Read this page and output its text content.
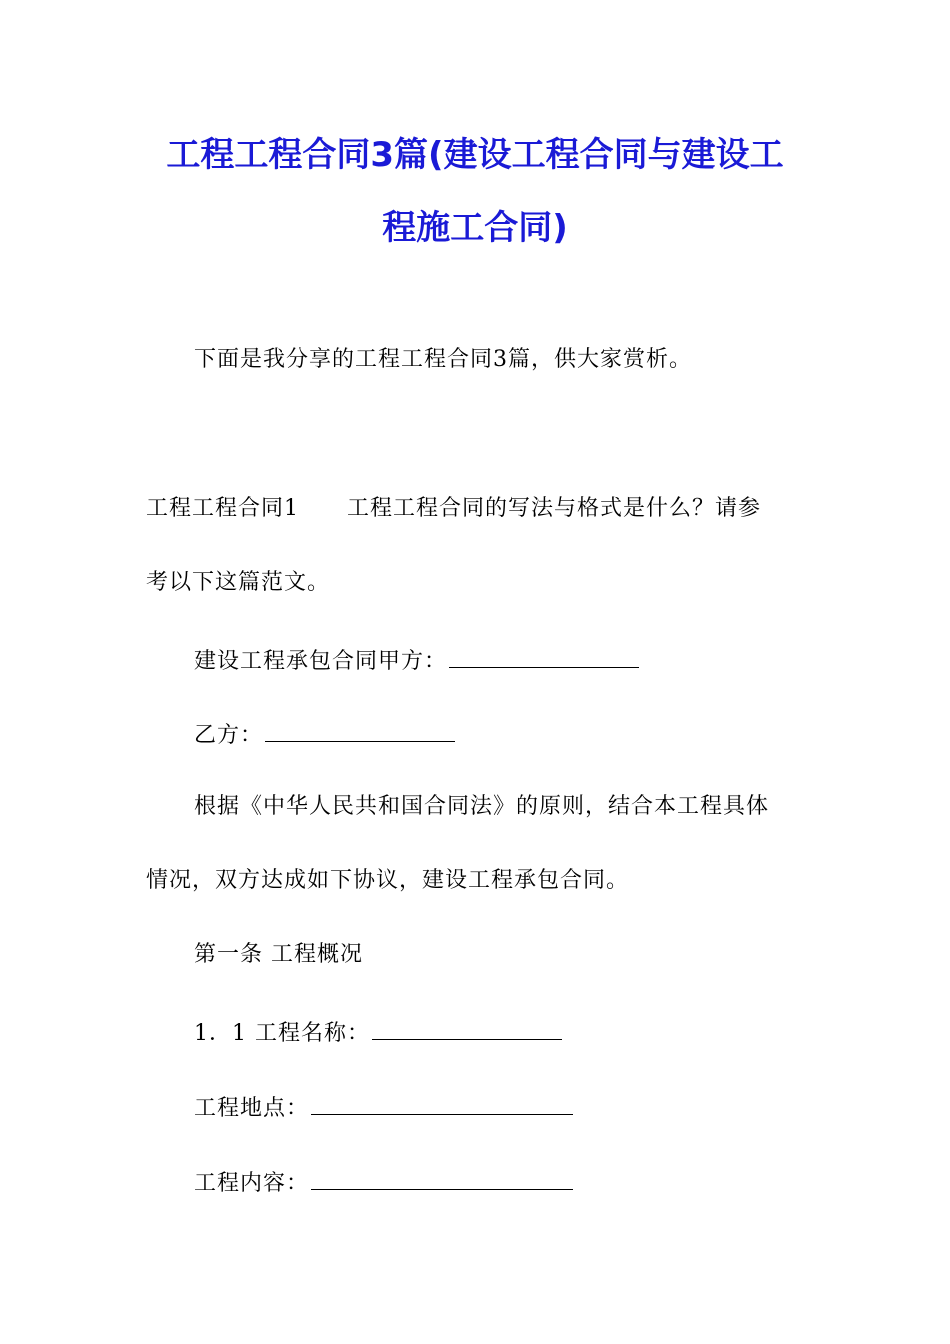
工程工程合同3篇(建设工程合同与建设工
程施工合同)
下面是我分享的工程工程合同3篇，供大家赏析。
工程工程合同1 工程工程合同的写法与格式是什么？请参
考以下这篇范文。
建设工程承包合同甲方：
乙方：
根据《中华人民共和国合同法》的原则，结合本工程具体
情况，双方达成如下协议，建设工程承包合同。
第一条 工程概况
1．1 工程名称：
工程地点：
工程内容：
